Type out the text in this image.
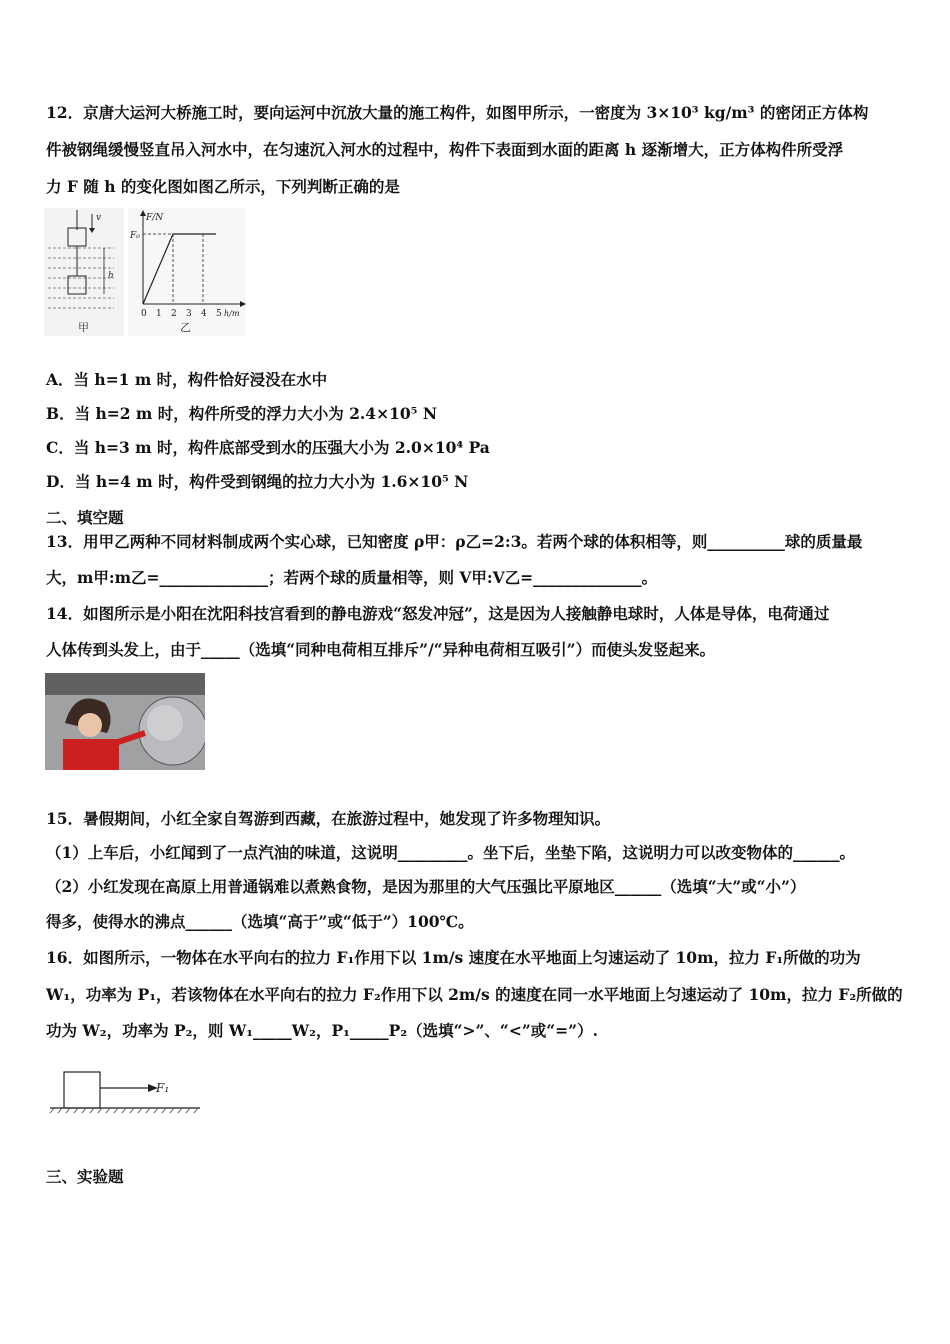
12．京唐大运河大桥施工时，要向运河中沉放大量的施工构件，如图甲所示，一密度为 3×10³ kg/m³ 的密闭正方体构
件被钢绳缓慢竖直吊入河水中，在匀速沉入河水的过程中，构件下表面到水面的距离 h 逐渐增大，正方体构件所受浮
力 F 随 h 的变化图如图乙所示，下列判断正确的是
v
h
甲
F/N
F₀
0 1 2 3 4 5 h/m
乙
A．当 h=1 m 时，构件恰好浸没在水中
B．当 h=2 m 时，构件所受的浮力大小为 2.4×10⁵ N
C．当 h=3 m 时，构件底部受到水的压强大小为 2.0×10⁴ Pa
D．当 h=4 m 时，构件受到钢绳的拉力大小为 1.6×10⁵ N
二、填空题
13．用甲乙两种不同材料制成两个实心球，已知密度 ρ甲：ρ乙=2:3。若两个球的体积相等，则__________球的质量最
大，m甲:m乙=______________；若两个球的质量相等，则 V甲:V乙=______________。
14．如图所示是小阳在沈阳科技宫看到的静电游戏“怒发冲冠”，这是因为人接触静电球时，人体是导体，电荷通过
人体传到头发上，由于_____（选填“同种电荷相互排斥”/“异种电荷相互吸引”）而使头发竖起来。
15．暑假期间，小红全家自驾游到西藏，在旅游过程中，她发现了许多物理知识。
（1）上车后，小红闻到了一点汽油的味道，这说明_________。坐下后，坐垫下陷，这说明力可以改变物体的______。
（2）小红发现在高原上用普通锅难以煮熟食物，是因为那里的大气压强比平原地区______（选填“大”或“小”）
得多，使得水的沸点______（选填“高于”或“低于”）100℃。
16．如图所示，一物体在水平向右的拉力 F₁作用下以 1m/s 速度在水平地面上匀速运动了 10m，拉力 F₁所做的功为
W₁，功率为 P₁，若该物体在水平向右的拉力 F₂作用下以 2m/s 的速度在同一水平地面上匀速运动了 10m，拉力 F₂所做的
功为 W₂，功率为 P₂，则 W₁_____W₂，P₁_____P₂（选填“>”、“<”或“=”）.
F₁
三、实验题
